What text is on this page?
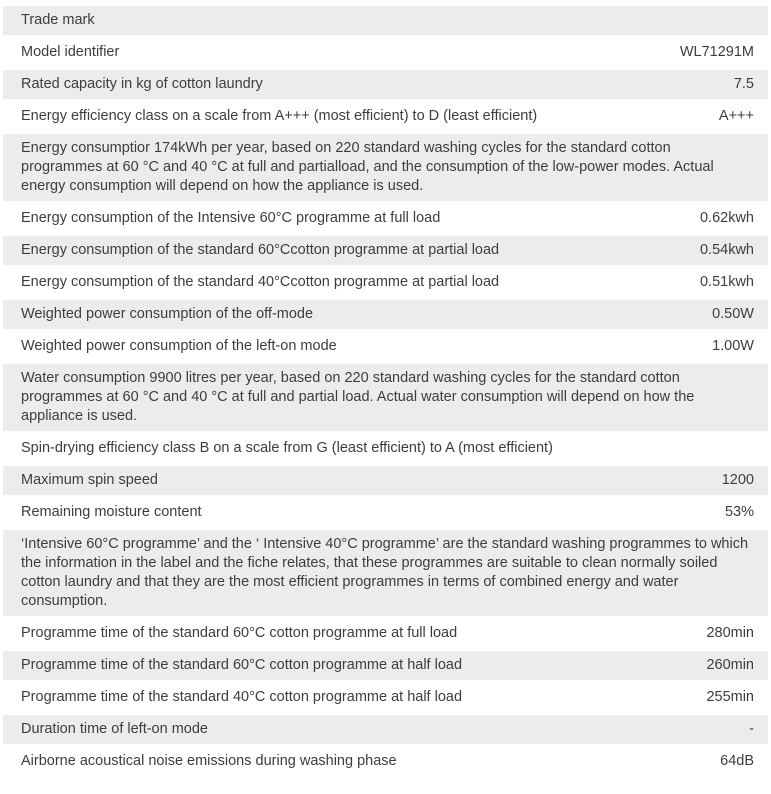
Trade mark
Model identifier	WL71291M
Rated capacity in kg of cotton laundry	7.5
Energy efficiency class on a scale from A+++ (most efficient) to D (least efficient)	A+++
Energy consumptior 174kWh per year, based on 220 standard washing cycles for the standard cotton programmes at 60 °C and 40 °C at full and partialload, and the consumption of the low-power modes. Actual energy consumption will depend on how the appliance is used.
Energy consumption of the Intensive 60°C programme at full load	0.62kwh
Energy consumption of the standard 60°Ccotton programme at partial load	0.54kwh
Energy consumption of the standard 40°Ccotton programme at partial load	0.51kwh
Weighted power consumption of the off-mode	0.50W
Weighted power consumption of the left-on mode	1.00W
Water consumption 9900 litres per year, based on 220 standard washing cycles for the standard cotton programmes at 60 °C and 40 °C at full and partial load. Actual water consumption will depend on how the appliance is used.
Spin-drying efficiency class B on a scale from G (least efficient) to A (most efficient)
Maximum spin speed	1200
Remaining moisture content	53%
‘Intensive 60°C programme’ and the ‘ Intensive 40°C programme’ are the standard washing programmes to which the information in the label and the fiche relates, that these programmes are suitable to clean normally soiled cotton laundry and that they are the most efficient programmes in terms of combined energy and water consumption.
Programme time of the standard 60°C cotton programme at full load	280min
Programme time of the standard 60°C cotton programme at half load	260min
Programme time of the standard 40°C cotton programme at half load	255min
Duration time of left-on mode	-
Airborne acoustical noise emissions during washing phase	64dB
